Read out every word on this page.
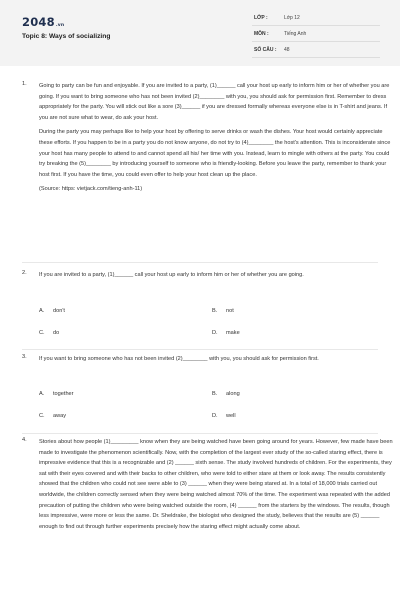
$2048_{.vn}$
Topic 8: Ways of socializing
LỚP :	Lớp 12
MÔN :	Tiếng Anh
SỐ CÂU :	48
1. Going to party can be fun and enjoyable. If you are invited to a party, (1)______ call your host up early to inform him or her of whether you are going. If you want to bring someone who has not been invited (2)________ with you, you should ask for permission first. Remember to dress appropriately for the party. You will stick out like a sore (3)______ if you are dressed formally whereas everyone else is in T-shirt and jeans. If you are not sure what to wear, do ask your host.

During the party you may perhaps like to help your host by offering to serve drinks or wash the dishes. Your host would certainly appreciate these efforts. If you happen to be in a party you do not know anyone, do not try to (4)________ the host's attention. This is inconsiderate since your host has many people to attend to and cannot spend all his/ her time with you. Instead, learn to mingle with others at the party. You could try breaking the (5)________ by introducing yourself to someone who is friendly-looking. Before you leave the party, remember to thank your host first. If you have the time, you could even offer to help your host clean up the place.

(Source: https: vietjack.com/tieng-anh-11)

2. If you are invited to a party, (1)______ call your host up early to inform him or her of whether you are going.
A. don't	B. not
C. do	D. make
3. If you want to bring someone who has not been invited (2)________ with you, you should ask for permission first.
A. together	B. along
C. away	D. well
4. Stories about how people (1)_________ know when they are being watched have been going around for years. However, few made have been made to investigate the phenomenon scientifically. Now, with the completion of the largest ever study of the so-called staring effect, there is impressive evidence that this is a recognizable and (2) ______ sixth sense. The study involved hundreds of children. For the experiments, they sat with their eyes covered and with their backs to other children, who were told to either stare at them or look away. The results consistently showed that the children who could not see were able to (3) ______ when they were being stared at. In a total of 18,000 trials carried out worldwide, the children correctly sensed when they were being watched almost 70% of the time. The experiment was repeated with the added precaution of putting the children who were being watched outside the room, (4) ______ from the starters by the windows. The results, though less impressive, were more or less the same. Dr. Sheldrake, the biologist who designed the study, believes that the results are (5) ______ enough to find out through further experiments precisely how the staring effect might actually come about.
